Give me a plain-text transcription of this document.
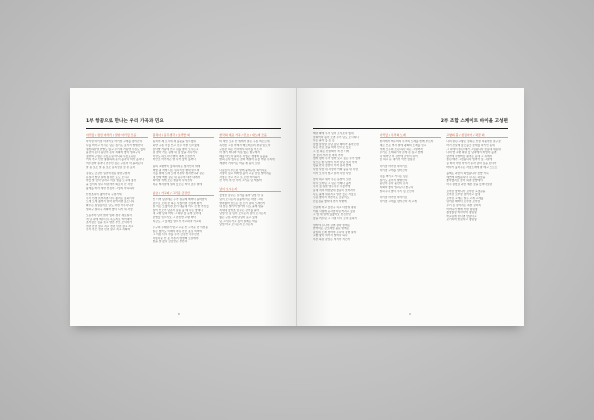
1부 항꿈으로 만나는 우리 가곡과 민요
아리랑 / 정선 아라리 / 밀양 아리랑 모음
아리랑 아리랑 아라리요 아리랑 고개를 넘어간다
나를 버리고 가시는 님은 십리도 못가서 발병난다
청천하늘엔 잔별도 많고 우리네 가슴엔 수심도 많다
풍년이 온다 풍년이 온다 지화자 좋다 얼씨구나
정선의 구명은 무릉도원 아니냐 무릉도원은
어디 가고 산만 충충하네 눈이 올라나 비가 올라나
억수장마 질라나 만수산 검은 구름이 막 몰려든다
날 좀 보소 날 좀 보소 동지섣달 꽃 본 듯이
강원도 금강산 일만이천봉 팔만구암자
유점사 법당 뒤에 칠성단 도도 모시고
아들 딸 낳아 달라고 석달 열흘 노구메 정성
을 들이지 말고 타관객리 외로이 난 사람
괄세를 마라 세상 인심이 그렇지 아니하다
산천초목이 젊어가니 구경가세
우리 인생 늙어지면 다시 젊지는 못하리라
노세 노세 젊어서 놀아 늙어지면 못노나니
화무는 십일홍이요 달도 차면 기우나니라
얼씨구 절씨구 지화자 좋다 니가 내 사랑
오동추야 달이 밝아 임의 생각 새로워라
저 달 속에 계수나무 옥도끼로 찍어내어
초가삼간 집을 짓고 양친 부모 모셔다가
천년 만년 살고 지고 천년 만년 살고 지고
우리 부모 천년 만년 살고 지고 지화자
봄처녀 / 동무생각 / 보리밭 외
봄처녀 제 오시네 새 풀옷을 입으셨네
하얀 구름 너울 쓰고 진주 이슬 신으셨네
꽃다발 가슴에 안고 뉘를 찾아 오시는고
님 찾아 가는 길에 내 집 앞을 지나가나
이상도 하오시다 행여 내게 오심인가
미안코 어리석은 양 나가 물어 볼까나
봄의 교향악이 울려퍼지는 청라언덕 위에
백합 필 적에 나는 흰나리꽃 향내 맡으며
너를 위해 노래 노래 부른다 청라언덕과 같은
내 맘에 백합 같은 내 동무야 네가 내게서
피어날 적에 모든 슬픔이 사라진다
더운 백사장에 밀려 들오는 저녁 조수 위에
남촌 / 가고파 / 그리운 금강산
산 너머 남촌에는 누가 살길래 해마다 봄바람이
남으로 오네 꽃 피는 사월이면 진달래 향기
밀 익는 오월이면 보리 내음새 어느 것 한 가진들
실어 안오리 남촌서 남풍 불 때 나는 좋대나
내 고향 남쪽 바다 그 파란 물 눈에 보이네
꿈엔들 잊으리요 그 잔잔한 고향 바다
지금도 그 물새들 날으리 가고파라 가고파
누구의 주제런가 맑고 고운 산 그리운 만 이천봉
말은 없어도 이제야 자유 만민 옷깃 여미며
그 이름 다시 부를 우리 금강산 수수만년
아름다운 산 못 가본지 몇몇해 오늘에야
찾을 날 왔나 금강산은 부른다
한국의 대표 가곡 / 민요 / 새노래 모음
비 개인 오후 산 위에서 맑은 구름 떠오르네
목련꽃 그늘 아래서 베르테르의 편질 읽노라
구름꽃 피는 언덕에서 피리를 부노라
아 멀리 떠나와 이름 없는 항구에서
배를 타노라 돌아온 사월은 생명의 등불을
밝혀 든다 빛나는 꿈의 계절아 눈물 어린 무지개
계절아 기다리는 마음 새 봄이 오면
나뭇잎이 푸르던 날에 뭉게구름 피어나듯
사랑이 일고 비바람 불어 고운 꽃잎 떨어지듯
사랑은 가고 가고 또 오면 어이하리
산 너머 저 산 너머 그리운 님 계실까
님이 오시는지
물망초 꿈꾸는 강가를 돌아 달빛 먼 길
님이 오시는지 갈숲에 이는 바람 그대
발자췰까 흐르는 물 소리 님의 노래인가
내 맘은 떨리어 떨리어 나도 몰래 밤을
지새네 물망초 꿈꾸는 강가를 돌아
달빛 먼 길 님이 오시는지 님이 오시는지
엷은 구름 속에 달님이 웃고 있네
님 그리워 가고 싶어 설레는 마음
달빛 타고 오시는지 오시는지
8
2부 조합 스케이트 바이올 고성편
해당 화에 우리 님이 소식조차 없네
꽃피어라 봄이 오면 우리 님도 오시려나
나는 몰라 흥 흥 흥
삼월 삼짓날 강남 갔던 제비가 돌아오면
나는 가요 꽃을 따러 산으로 들로
그 꽃 피는 산골짜기 저 산 너머
꽃 보러 가자 꽃 따러 가자
엄마 엄마 우리 엄마 보고 싶은 우리 엄마
달뜨는 밤 달맞이 가자 달님 보러 가자
임을 만나 꽃놀이 가자 님과 함께
사랑 사랑 내 사랑아 어화 둥둥 내 사랑
이리 오너라 업고 놀자 사랑 사랑
꽃이 피고 새가 우는 봄날이 오면
다시 오마던 그 님은 언제나 올까
우리 집 뒤뜰 앵두나무 우물가에
동네 처녀 바람났네 물동이 호미자루
나도 몰래 내던지고 말만 들은 서울로
누굴 찾아서 이쁜이도 금순이도
단봇짐을 쌌다네 천리 타향에
진달래 먹고 물장구 치고 다람쥐 쫓던
어린 시절에 눈사람처럼 커지고 싶던
그 맘 내 맘에 있잖아요 천진난만
꿈을 키우던 그 시절 다시 오지 못하리
엄마야 누나야 강변 살자 뜰에는
반짝이는 금모래빛 뒷문 밖에는
갈잎의 노래 엄마야 누나야 강변 살자
고향 땅이 여기서 얼마나 되나
푸른 하늘 끝닿은 저기가 거긴가
아리랑 / 우리의 노래
한라에서 백두까지 우리의 노래를 함께 부르자
새로 쓰는 역사 위에 평화의 노래를 싣고
겨레 모두의 소원 하나 되는 그날까지
우리는 노래하리라 손에 손 잡고 함께
나 태어난 이 강산에 군인이 되어
꽃 피고 눈 내리기 어언 삼십년
아리랑 아리랑 아라리요
아리랑 고개를 넘어간다
나를 버리고 가시는 님은
십리도 못가서 발병난다
풍년이 온다 풍년이 온다
지화자 좋다 얼씨구나 좋구나
얼씨구나 좋다 우리 님 오신다
아리랑 아리랑 아라리요
아리랑 고개를 넘어간다 저 고개
고향의 봄 / 섬집아기 / 과꽃 외
나의 살던 고향은 꽃피는 산골 복숭아꽃 살구꽃
아기 진달래 울긋불긋 꽃대궐 차리인 동네
그 속에서 놀던 때가 그립습니다 꽃동네 새동네
나의 옛 고향 파란 들 남쪽에서 바람이 불면
냇가에 수양버들 춤추는 동네 그 속에서
놀던 때가 그립습니다 엄마가 섬 그늘에
굴 따러 가면 아기가 혼자 남아 집을 보다가
바다가 불러주는 자장노래에 팔 베고 스르르
올해도 과꽃이 피었습니다 꽃밭 가득
예쁘게 피었습니다 누나는 과꽃을
좋아했지요 꽃이 피면 꽃밭에서
아주 살았죠 과꽃 예쁜 꽃을 들여다보면
꼬부랑 할머니가 꼬부랑 고갯길을
꼬부랑 꼬부랑 넘어가고 있네
꼬부랑 고개는 열두 고개 고개를
넘어갈 때마다 꼬부랑 꼬부랑
우리 집 강아지는 복슬 강아지
어머니가 빨래 가면 멍멍멍
쫄랑쫄랑 따라가며 멍멍멍
학교길에 만나면 반갑다고
꼬리치며 반갑다고 멍멍멍
9
